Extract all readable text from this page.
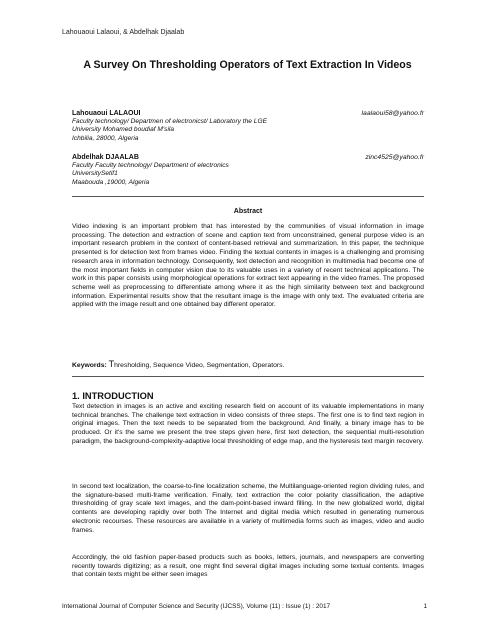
Lahouaoui Lalaoui, & Abdelhak Djaalab
A Survey On Thresholding Operators of Text Extraction In Videos
Lahouaoui LALAOUI	laalaoui58@yahoo.fr
Faculty technology/ Departmen of electronicst/ Laboratory the LGE
University Mohamed boudiaf M'sila
Ichbilia, 28000, Algeria
Abdelhak DJAALAB	zinc4525@yahoo.fr
Faculty Faculty technology/ Department of electronics
UniversitySetif1
Maabouda ,19000, Algeria
Abstract

Video indexing is an important problem that has interested by the communities of visual information in image processing. The detection and extraction of scene and caption text from unconstrained, general purpose video is an important research problem in the context of content-based retrieval and summarization. In this paper, the technique presented is for detection text from frames video. Finding the textual contents in images is a challenging and promising research area in information technology. Consequently, text detection and recognition in multimedia had become one of the most important fields in computer vision due to its valuable uses in a variety of recent technical applications. The work in this paper consists using morphological operations for extract text appearing in the video frames. The proposed scheme well as preprocessing to differentiate among where it as the high similarity between text and background information. Experimental results show that the resultant image is the image with only text. The evaluated criteria are applied with the image result and one obtained bay different operator.

Keywords: Thresholding, Sequence Video, Segmentation, Operators.
1. INTRODUCTION

Text detection in images is an active and exciting research field on account of its valuable implementations in many technical branches. The challenge text extraction in video consists of three steps. The first one is to find text region in original images. Then the text needs to be separated from the background. And finally, a binary image has to be produced. Or it's the same we present the tree steps given here, first text detection, the sequential multi-resolution paradigm, the background-complexity-adaptive local thresholding of edge map, and the hysteresis text margin recovery.

In second text localization, the coarse-to-fine localization scheme, the Multilanguage-oriented region dividing rules, and the signature-based multi-frame verification. Finally, text extraction the color polarity classification, the adaptive thresholding of gray scale text images, and the dam-point-based inward filling. In the new globalized world, digital contents are developing rapidly over both The Internet and digital media which resulted in generating numerous electronic recourses. These resources are available in a variety of multimedia forms such as images, video and audio frames.

Accordingly, the old fashion paper-based products such as books, letters, journals, and newspapers are converting recently towards digitizing; as a result, one might find several digital images including some textual contents. Images that contain texts might be either seen images

International Journal of Computer Science and Security (IJCSS), Volume (11) : Issue (1) : 2017	1
